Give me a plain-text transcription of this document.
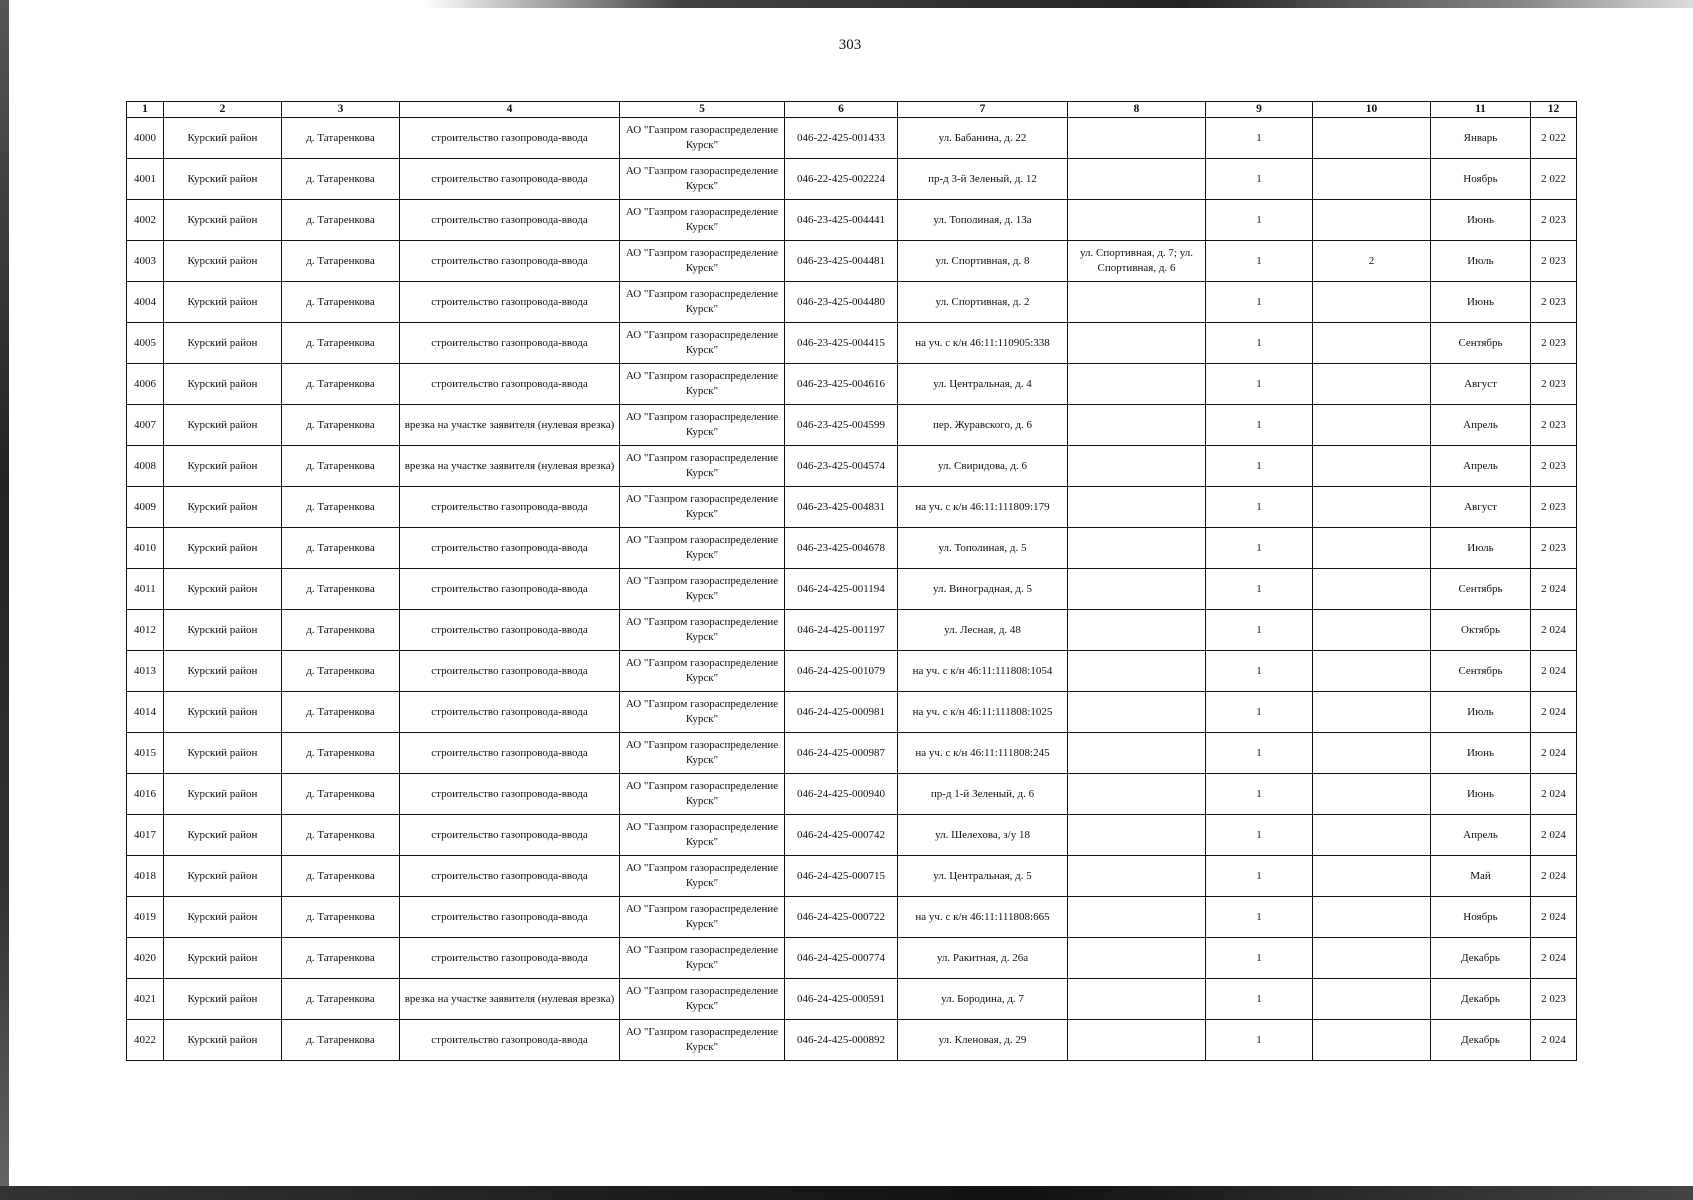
303
1	2	3	4	5	6	7	8	9	10	11	12
4000	Курский район	д. Татаренкова	строительство газопровода-ввода	АО "Газпром газораспределение Курск"	046-22-425-001433	ул. Бабанина, д. 22		1		Январь	2 022
4001	Курский район	д. Татаренкова	строительство газопровода-ввода	АО "Газпром газораспределение Курск"	046-22-425-002224	пр-д 3-й Зеленый, д. 12		1		Ноябрь	2 022
4002	Курский район	д. Татаренкова	строительство газопровода-ввода	АО "Газпром газораспределение Курск"	046-23-425-004441	ул. Тополиная, д. 13а		1		Июнь	2 023
4003	Курский район	д. Татаренкова	строительство газопровода-ввода	АО "Газпром газораспределение Курск"	046-23-425-004481	ул. Спортивная, д. 8	ул. Спортивная, д. 7; ул. Спортивная, д. 6	1	2	Июль	2 023
4004	Курский район	д. Татаренкова	строительство газопровода-ввода	АО "Газпром газораспределение Курск"	046-23-425-004480	ул. Спортивная, д. 2		1		Июнь	2 023
4005	Курский район	д. Татаренкова	строительство газопровода-ввода	АО "Газпром газораспределение Курск"	046-23-425-004415	на уч. с к/н 46:11:110905:338		1		Сентябрь	2 023
4006	Курский район	д. Татаренкова	строительство газопровода-ввода	АО "Газпром газораспределение Курск"	046-23-425-004616	ул. Центральная, д. 4		1		Август	2 023
4007	Курский район	д. Татаренкова	врезка на участке заявителя (нулевая врезка)	АО "Газпром газораспределение Курск"	046-23-425-004599	пер. Журавского, д. 6		1		Апрель	2 023
4008	Курский район	д. Татаренкова	врезка на участке заявителя (нулевая врезка)	АО "Газпром газораспределение Курск"	046-23-425-004574	ул. Свиридова, д. 6		1		Апрель	2 023
4009	Курский район	д. Татаренкова	строительство газопровода-ввода	АО "Газпром газораспределение Курск"	046-23-425-004831	на уч. с к/н 46:11:111809:179		1		Август	2 023
4010	Курский район	д. Татаренкова	строительство газопровода-ввода	АО "Газпром газораспределение Курск"	046-23-425-004678	ул. Тополиная, д. 5		1		Июль	2 023
4011	Курский район	д. Татаренкова	строительство газопровода-ввода	АО "Газпром газораспределение Курск"	046-24-425-001194	ул. Виноградная, д. 5		1		Сентябрь	2 024
4012	Курский район	д. Татаренкова	строительство газопровода-ввода	АО "Газпром газораспределение Курск"	046-24-425-001197	ул. Лесная, д. 48		1		Октябрь	2 024
4013	Курский район	д. Татаренкова	строительство газопровода-ввода	АО "Газпром газораспределение Курск"	046-24-425-001079	на уч. с к/н 46:11:111808:1054		1		Сентябрь	2 024
4014	Курский район	д. Татаренкова	строительство газопровода-ввода	АО "Газпром газораспределение Курск"	046-24-425-000981	на уч. с к/н 46:11:111808:1025		1		Июль	2 024
4015	Курский район	д. Татаренкова	строительство газопровода-ввода	АО "Газпром газораспределение Курск"	046-24-425-000987	на уч. с к/н 46:11:111808:245		1		Июнь	2 024
4016	Курский район	д. Татаренкова	строительство газопровода-ввода	АО "Газпром газораспределение Курск"	046-24-425-000940	пр-д 1-й Зеленый, д. 6		1		Июнь	2 024
4017	Курский район	д. Татаренкова	строительство газопровода-ввода	АО "Газпром газораспределение Курск"	046-24-425-000742	ул. Шелехова, з/у 18		1		Апрель	2 024
4018	Курский район	д. Татаренкова	строительство газопровода-ввода	АО "Газпром газораспределение Курск"	046-24-425-000715	ул. Центральная, д. 5		1		Май	2 024
4019	Курский район	д. Татаренкова	строительство газопровода-ввода	АО "Газпром газораспределение Курск"	046-24-425-000722	на уч. с к/н 46:11:111808:665		1		Ноябрь	2 024
4020	Курский район	д. Татаренкова	строительство газопровода-ввода	АО "Газпром газораспределение Курск"	046-24-425-000774	ул. Ракитная, д. 26а		1		Декабрь	2 024
4021	Курский район	д. Татаренкова	врезка на участке заявителя (нулевая врезка)	АО "Газпром газораспределение Курск"	046-24-425-000591	ул. Бородина, д. 7		1		Декабрь	2 023
4022	Курский район	д. Татаренкова	строительство газопровода-ввода	АО "Газпром газораспределение Курск"	046-24-425-000892	ул. Кленовая, д. 29		1		Декабрь	2 024
